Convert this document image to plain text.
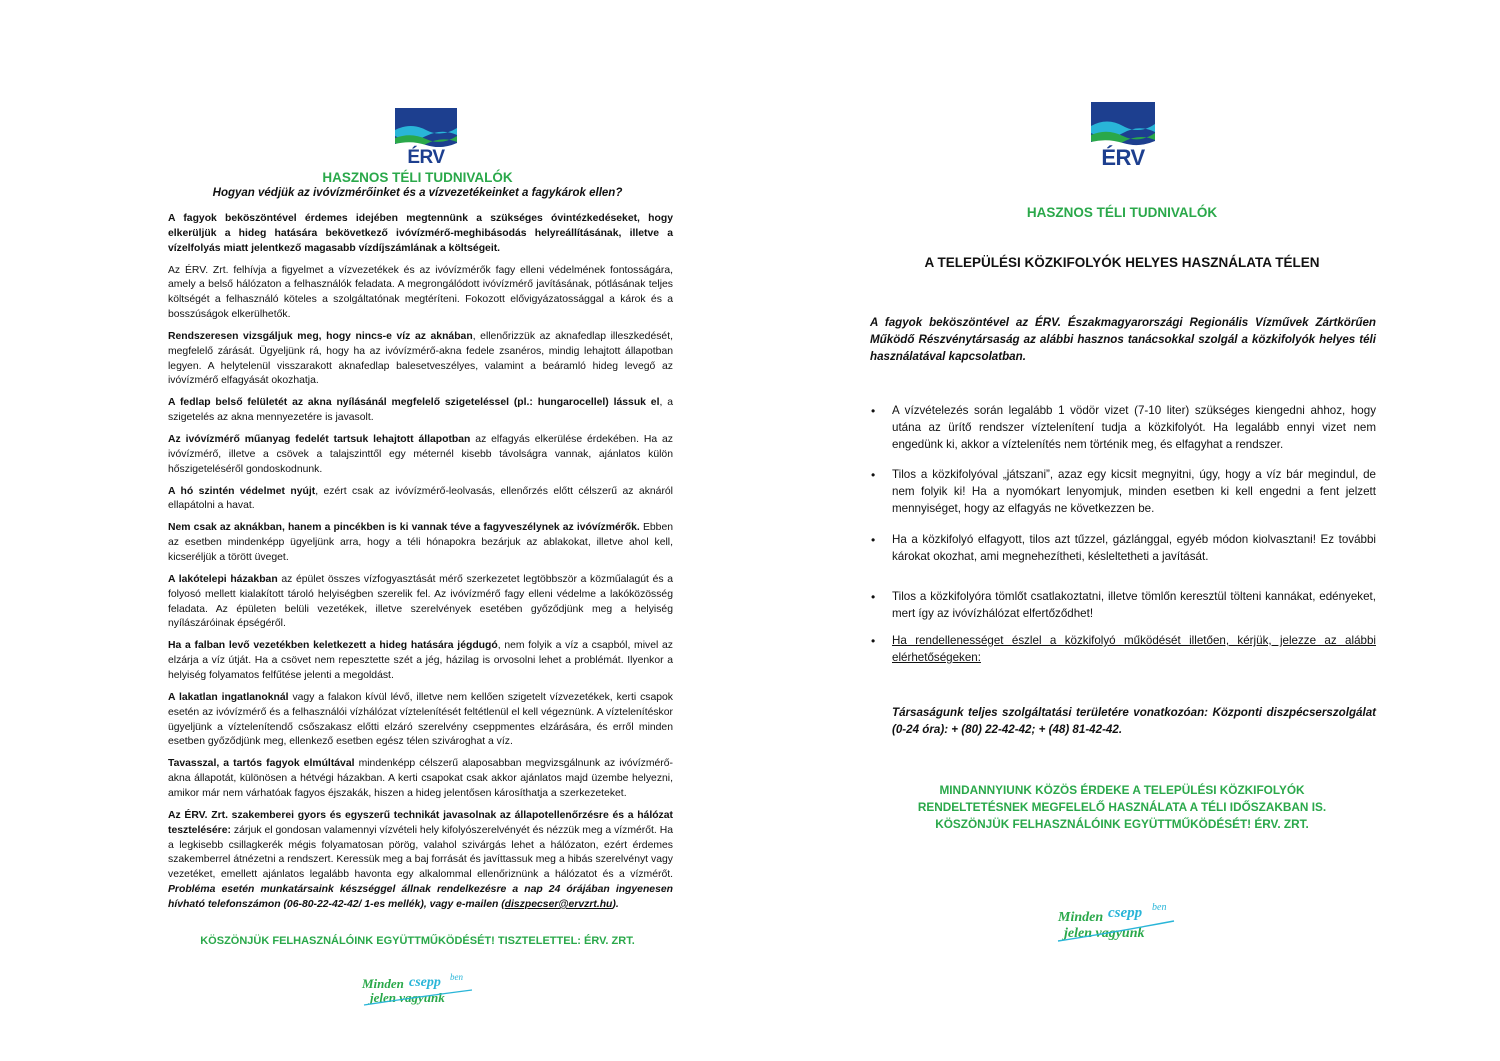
ÉRV
HASZNOS TÉLI TUDNIVALÓK
Hogyan védjük az ivóvízmérőinket és a vízvezetékeinket a fagykárok ellen?

A fagyok beköszöntével érdemes idejében megtennünk a szükséges óvintézkedéseket, hogy elkerüljük a hideg hatására bekövetkező ivóvízmérő-meghibásodás helyreállításának, illetve a vízelfolyás miatt jelentkező magasabb vízdíjszámlának a költségeit.

Az ÉRV. Zrt. felhívja a figyelmet a vízvezetékek és az ivóvízmérők fagy elleni védelmének fontosságára, amely a belső hálózaton a felhasználók feladata. A megrongálódott ivóvízmérő javításának, pótlásának teljes költségét a felhasználó köteles a szolgáltatónak megtéríteni. Fokozott elővigyázatossággal a károk és a bosszúságok elkerülhetők.

Rendszeresen vizsgáljuk meg, hogy nincs-e víz az aknában, ellenőrizzük az aknafedlap illeszkedését, megfelelő zárását. Ügyeljünk rá, hogy ha az ivóvízmérő-akna fedele zsanéros, mindig lehajtott állapotban legyen. A helytelenül visszarakott aknafedlap balesetveszélyes, valamint a beáramló hideg levegő az ivóvízmérő elfagyását okozhatja.

A fedlap belső felületét az akna nyílásánál megfelelő szigeteléssel (pl.: hungarocellel) lássuk el, a szigetelés az akna mennyezetére is javasolt.

Az ivóvízmérő műanyag fedelét tartsuk lehajtott állapotban az elfagyás elkerülése érdekében. Ha az ivóvízmérő, illetve a csövek a talajszinttől egy méternél kisebb távolságra vannak, ajánlatos külön hőszigeteléséről gondoskodnunk.

A hó szintén védelmet nyújt, ezért csak az ivóvízmérő-leolvasás, ellenőrzés előtt célszerű az aknáról ellapátolni a havat.

Nem csak az aknákban, hanem a pincékben is ki vannak téve a fagyveszélynek az ivóvízmérők. Ebben az esetben mindenképp ügyeljünk arra, hogy a téli hónapokra bezárjuk az ablakokat, illetve ahol kell, kicseréljük a törött üveget.

A lakótelepi házakban az épület összes vízfogyasztását mérő szerkezetet legtöbbször a közműalagút és a folyosó mellett kialakított tároló helyiségben szerelik fel. Az ivóvízmérő fagy elleni védelme a lakóközösség feladata. Az épületen belüli vezetékek, illetve szerelvények esetében győződjünk meg a helyiség nyílászáróinak épségéről.

Ha a falban levő vezetékben keletkezett a hideg hatására jégdugó, nem folyik a víz a csapból, mivel az elzárja a víz útját. Ha a csövet nem repesztette szét a jég, házilag is orvosolni lehet a problémát. Ilyenkor a helyiség folyamatos felfűtése jelenti a megoldást.

A lakatlan ingatlanoknál vagy a falakon kívül lévő, illetve nem kellően szigetelt vízvezetékek, kerti csapok esetén az ivóvízmérő és a felhasználói vízhálózat víztelenítését feltétlenül el kell végeznünk. A víztelenítéskor ügyeljünk a víztelenítendő csőszakasz előtti elzáró szerelvény cseppmentes elzárására, és erről minden esetben győződjünk meg, ellenkező esetben egész télen szivároghat a víz.

Tavasszal, a tartós fagyok elmúltával mindenképp célszerű alaposabban megvizsgálnunk az ivóvízmérő-akna állapotát, különösen a hétvégi házakban. A kerti csapokat csak akkor ajánlatos majd üzembe helyezni, amikor már nem várhatóak fagyos éjszakák, hiszen a hideg jelentősen károsíthatja a szerkezeteket.

Az ÉRV. Zrt. szakemberei gyors és egyszerű technikát javasolnak az állapotellenőrzésre és a hálózat tesztelésére: zárjuk el gondosan valamennyi vízvételi hely kifolyószerelvényét és nézzük meg a vízmérőt. Ha a legkisebb csillagkerék mégis folyamatosan pörög, valahol szivárgás lehet a hálózaton, ezért érdemes szakemberrel átnézetni a rendszert. Keressük meg a baj forrását és javíttassuk meg a hibás szerelvényt vagy vezetéket, emellett ajánlatos legalább havonta egy alkalommal ellenőriznünk a hálózatot és a vízmérőt. Probléma esetén munkatársaink készséggel állnak rendelkezésre a nap 24 órájában ingyenesen hívható telefonszámon (06-80-22-42-42/ 1-es mellék), vagy e-mailen (diszpecser@ervzrt.hu).

KÖSZÖNJÜK FELHASZNÁLÓINK EGYÜTTMŰKÖDÉSÉT! TISZTELETTEL: ÉRV. ZRT.
Minden csepp ben
jelen vagyunk
ÉRV
HASZNOS TÉLI TUDNIVALÓK
A TELEPÜLÉSI KÖZKIFOLYÓK HELYES HASZNÁLATA TÉLEN
A fagyok beköszöntével az ÉRV. Északmagyarországi Regionális Vízművek Zártkörűen Működő Részvénytársaság az alábbi hasznos tanácsokkal szolgál a közkifolyók helyes téli használatával kapcsolatban.
• A vízvételezés során legalább 1 vödör vizet (7-10 liter) szükséges kiengedni ahhoz, hogy utána az ürítő rendszer víztelenítení tudja a közkifolyót. Ha legalább ennyi vizet nem engedünk ki, akkor a víztelenítés nem történik meg, és elfagyhat a rendszer.
• Tilos a közkifolyóval „játszani”, azaz egy kicsit megnyitni, úgy, hogy a víz bár megindul, de nem folyik ki! Ha a nyomókart lenyomjuk, minden esetben ki kell engedni a fent jelzett mennyiséget, hogy az elfagyás ne következzen be.
• Ha a közkifolyó elfagyott, tilos azt tűzzel, gázlánggal, egyéb módon kiolvasztani! Ez további károkat okozhat, ami megnehezítheti, késleltetheti a javítását.
• Tilos a közkifolyóra tömlőt csatlakoztatni, illetve tömlőn keresztül tölteni kannákat, edényeket, mert így az ivóvízhálózat elfertőződhet!
• Ha rendellenességet észlel a közkifolyó működését illetően, kérjük, jelezze az alábbi elérhetőségeken:
Társaságunk teljes szolgáltatási területére vonatkozóan: Központi diszpécserszolgálat (0-24 óra): + (80) 22-42-42; + (48) 81-42-42.
MINDANNYIUNK KÖZÖS ÉRDEKE A TELEPÜLÉSI KÖZKIFOLYÓK
RENDELTETÉSNEK MEGFELELŐ HASZNÁLATA A TÉLI IDŐSZAKBAN IS.
KÖSZÖNJÜK FELHASZNÁLÓINK EGYÜTTMŰKÖDÉSÉT! ÉRV. ZRT.
Minden csepp ben
jelen vagyunk
